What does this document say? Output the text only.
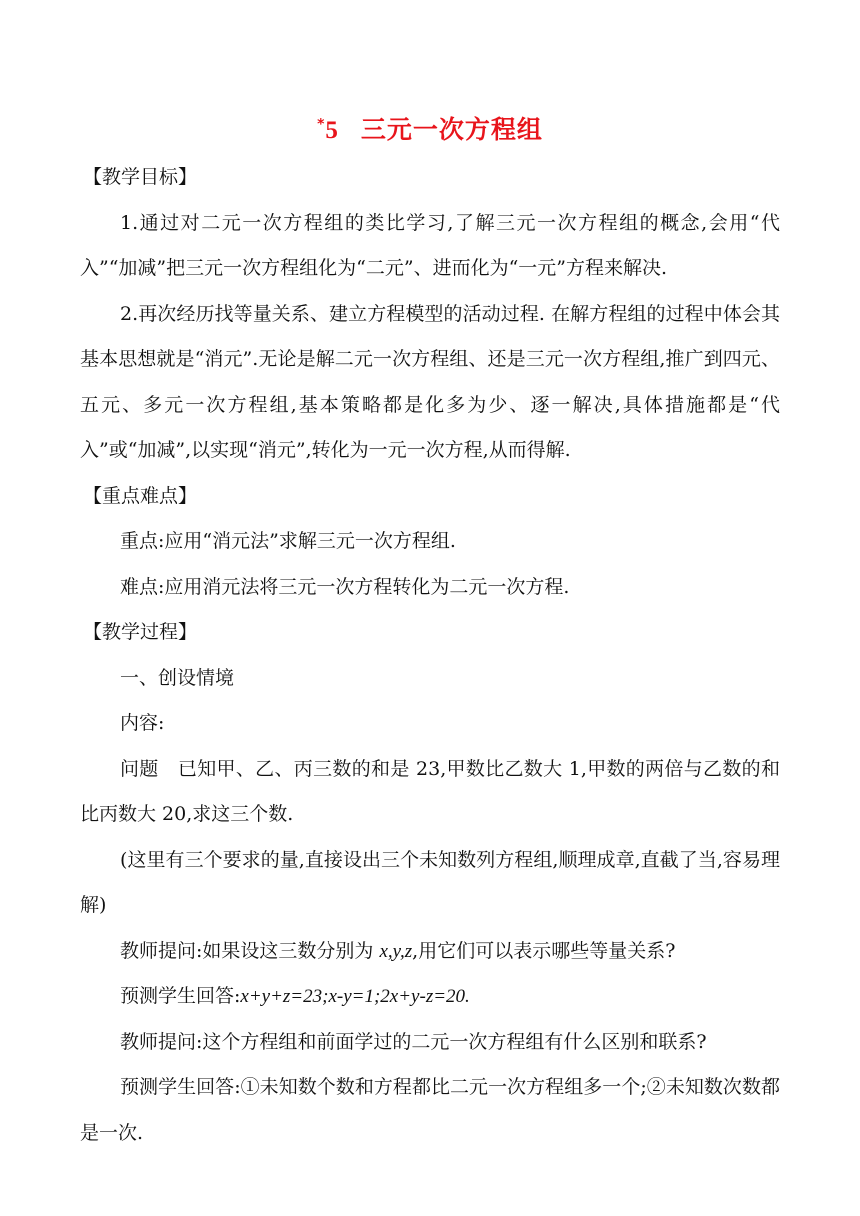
*5 三元一次方程组

【教学目标】

1.通过对二元一次方程组的类比学习,了解三元一次方程组的概念,会用“代入”“加减”把三元一次方程组化为“二元”、进而化为“一元”方程来解决.

2.再次经历找等量关系、建立方程模型的活动过程. 在解方程组的过程中体会其基本思想就是“消元”.无论是解二元一次方程组、还是三元一次方程组,推广到四元、五元、多元一次方程组,基本策略都是化多为少、逐一解决,具体措施都是“代入”或“加减”,以实现“消元”,转化为一元一次方程,从而得解.

【重点难点】

重点:应用“消元法”求解三元一次方程组.

难点:应用消元法将三元一次方程转化为二元一次方程.

【教学过程】

一、创设情境

内容:

问题　已知甲、乙、丙三数的和是 23,甲数比乙数大 1,甲数的两倍与乙数的和比丙数大 20,求这三个数.

(这里有三个要求的量,直接设出三个未知数列方程组,顺理成章,直截了当,容易理解)

教师提问:如果设这三数分别为 x,y,z,用它们可以表示哪些等量关系?

预测学生回答:x+y+z=23;x-y=1;2x+y-z=20.

教师提问:这个方程组和前面学过的二元一次方程组有什么区别和联系?

预测学生回答:①未知数个数和方程都比二元一次方程组多一个;②未知数次数都是一次.
